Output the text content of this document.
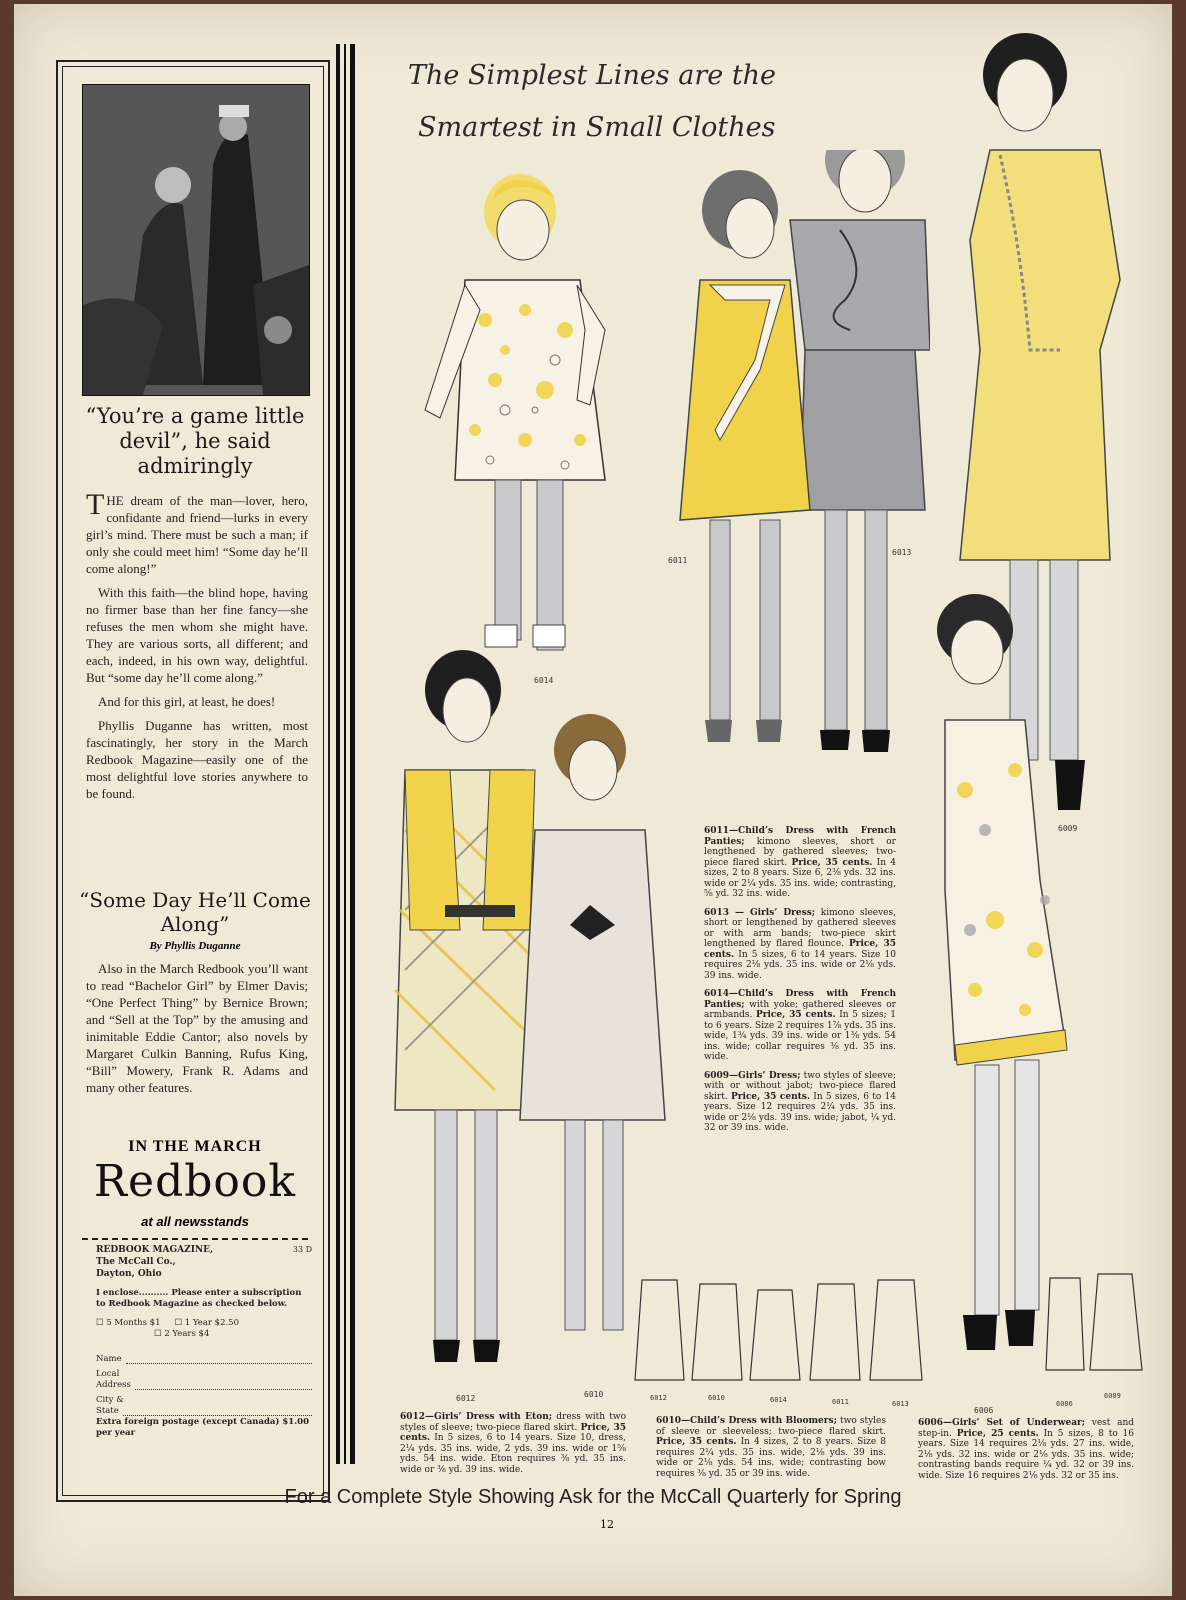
“You’re a game little devil”, he said admiringly

THE dream of the man—lover, hero, confidante and friend—lurks in every girl’s mind. There must be such a man; if only she could meet him! “Some day he’ll come along!”

With this faith—the blind hope, having no firmer base than her fine fancy—she refuses the men whom she might have. They are various sorts, all different; and each, indeed, in his own way, delightful. But “some day he’ll come along.”

And for this girl, at least, he does!

Phyllis Duganne has written, most fascinatingly, her story in the March Redbook Magazine—easily one of the most delightful love stories anywhere to be found.

“Some Day He’ll Come Along”
By Phyllis Duganne

Also in the March Redbook you’ll want to read “Bachelor Girl” by Elmer Davis; “One Perfect Thing” by Bernice Brown; and “Sell at the Top” by the amusing and inimitable Eddie Cantor; also novels by Margaret Culkin Banning, Rufus King, “Bill” Mowery, Frank R. Adams and many other features.

IN THE MARCH
Redbook
at all newsstands
33 D
REDBOOK MAGAZINE,
The McCall Co.,
Dayton, Ohio
I enclose.......... Please enter a subscription to Redbook Magazine as checked below.
☐ 5 Months $1 ☐ 1 Year $2.50
☐ 2 Years $4
Name
Local
Address
City &
State
Extra foreign postage (except Canada) $1.00 per year
The Simplest Lines are the
Smartest in Small Clothes
6014
6011
6013
6009
6012	6010
6006
6012	6010	6014	6011	6013	6006
6009

6011—Child’s Dress with French Panties; kimono sleeves, short or lengthened by gathered sleeves; two-piece flared skirt. Price, 35 cents. In 4 sizes, 2 to 8 years. Size 6, 2⅜ yds. 32 ins. wide or 2¼ yds. 35 ins. wide; contrasting, ⅝ yd. 32 ins. wide.

6013 — Girls’ Dress; kimono sleeves, short or lengthened by gathered sleeves or with arm bands; two-piece skirt lengthened by flared flounce. Price, 35 cents. In 5 sizes, 6 to 14 years. Size 10 requires 2⅛ yds. 35 ins. wide or 2⅛ yds. 39 ins. wide.

6014—Child’s Dress with French Panties; with yoke; gathered sleeves or armbands. Price, 35 cents. In 5 sizes; 1 to 6 years. Size 2 requires 1⅞ yds. 35 ins. wide, 1¾ yds. 39 ins. wide or 1⅜ yds. 54 ins. wide; collar requires ⅜ yd. 35 ins. wide.

6009—Girls’ Dress; two styles of sleeve; with or without jabot; two-piece flared skirt. Price, 35 cents. In 5 sizes, 6 to 14 years. Size 12 requires 2¼ yds. 35 ins. wide or 2⅛ yds. 39 ins. wide; jabot, ¼ yd. 32 or 39 ins. wide.

6012—Girls’ Dress with Eton; dress with two styles of sleeve; two-piece flared skirt. Price, 35 cents. In 5 sizes, 6 to 14 years. Size 10, dress, 2¼ yds. 35 ins. wide, 2 yds. 39 ins. wide or 1⅝ yds. 54 ins. wide. Eton requires ⅜ yd. 35 ins. wide or ⅜ yd. 39 ins. wide.
6010—Child’s Dress with Bloomers; two styles of sleeve or sleeveless; two-piece flared skirt. Price, 35 cents. In 4 sizes, 2 to 8 years. Size 8 requires 2¼ yds. 35 ins. wide, 2⅛ yds. 39 ins. wide or 2⅛ yds. 54 ins. wide; contrasting bow requires ⅜ yd. 35 or 39 ins. wide.
6006—Girls’ Set of Underwear; vest and step-in. Price, 25 cents. In 5 sizes, 8 to 16 years. Size 14 requires 2⅛ yds. 27 ins. wide, 2⅛ yds. 32 ins. wide or 2⅛ yds. 35 ins. wide; contrasting bands require ¼ yd. 32 or 39 ins. wide. Size 16 requires 2⅛ yds. 32 or 35 ins.
For a Complete Style Showing Ask for the McCall Quarterly for Spring
12
